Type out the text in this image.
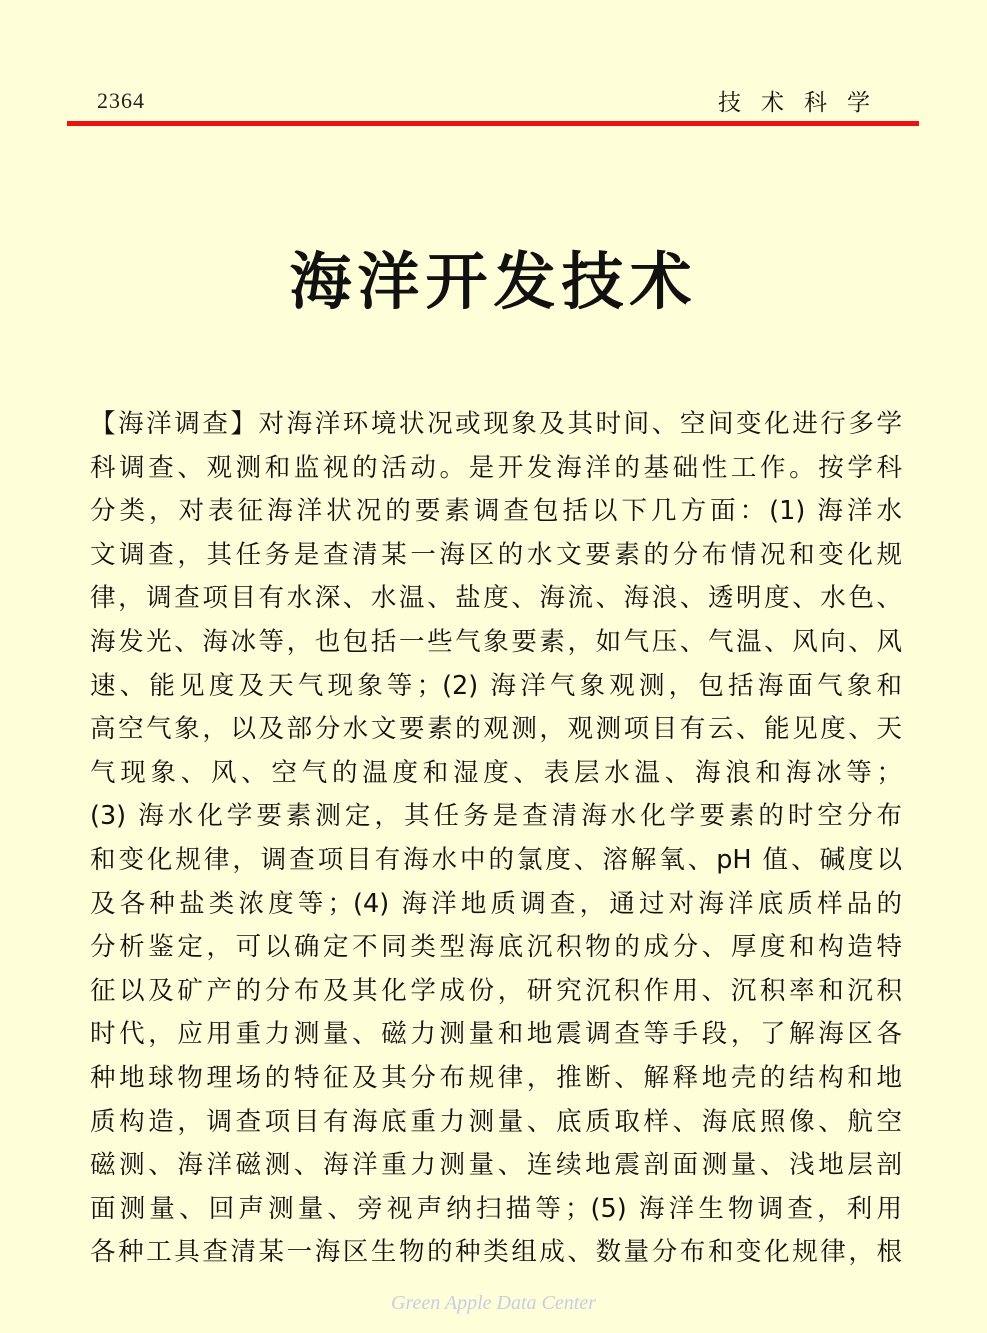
2364	技术科学
海洋开发技术
【海洋调查】对海洋环境状况或现象及其时间、空间变化进行多学
科调查、观测和监视的活动。是开发海洋的基础性工作。按学科
分类，对表征海洋状况的要素调查包括以下几方面：(1) 海洋水
文调查，其任务是查清某一海区的水文要素的分布情况和变化规
律，调查项目有水深、水温、盐度、海流、海浪、透明度、水色、
海发光、海冰等，也包括一些气象要素，如气压、气温、风向、风
速、能见度及天气现象等；(2) 海洋气象观测，包括海面气象和
高空气象，以及部分水文要素的观测，观测项目有云、能见度、天
气现象、风、空气的温度和湿度、表层水温、海浪和海冰等；
(3) 海水化学要素测定，其任务是查清海水化学要素的时空分布
和变化规律，调查项目有海水中的氯度、溶解氧、pH 值、碱度以
及各种盐类浓度等；(4) 海洋地质调查，通过对海洋底质样品的
分析鉴定，可以确定不同类型海底沉积物的成分、厚度和构造特
征以及矿产的分布及其化学成份，研究沉积作用、沉积率和沉积
时代，应用重力测量、磁力测量和地震调查等手段，了解海区各
种地球物理场的特征及其分布规律，推断、解释地壳的结构和地
质构造，调查项目有海底重力测量、底质取样、海底照像、航空
磁测、海洋磁测、海洋重力测量、连续地震剖面测量、浅地层剖
面测量、回声测量、旁视声纳扫描等；(5) 海洋生物调查，利用
各种工具查清某一海区生物的种类组成、数量分布和变化规律，根
Green Apple Data Center
